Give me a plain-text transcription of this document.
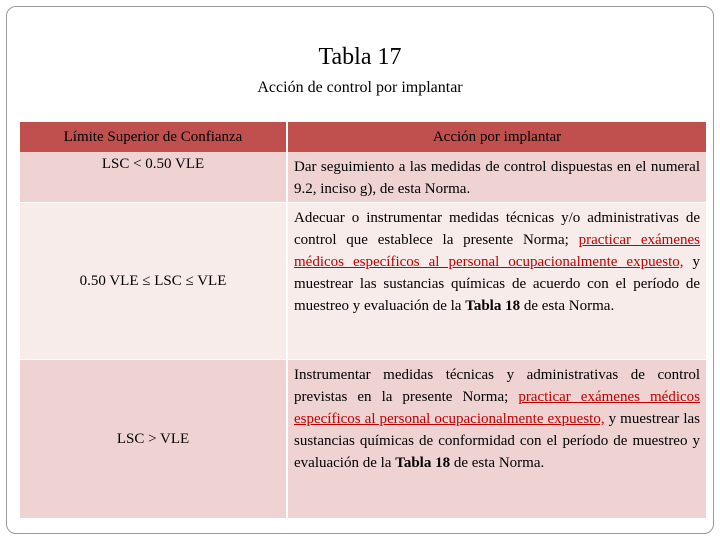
Tabla 17
Acción de control por implantar
Límite Superior de Confianza	Acción por implantar
LSC < 0.50 VLE	Dar seguimiento a las medidas de control dispuestas en el numeral 9.2, inciso g), de esta Norma.
0.50 VLE ≤ LSC ≤ VLE
Adecuar o instrumentar medidas técnicas y/o administrativas de control que establece la presente Norma; practicar exámenes médicos específicos al personal ocupacionalmente expuesto, y muestrear las sustancias químicas de acuerdo con el período de muestreo y evaluación de la Tabla 18 de esta Norma.
LSC > VLE
Instrumentar medidas técnicas y administrativas de control previstas en la presente Norma; practicar exámenes médicos específicos al personal ocupacionalmente expuesto, y muestrear las sustancias químicas de conformidad con el período de muestreo y evaluación de la Tabla 18 de esta Norma.
